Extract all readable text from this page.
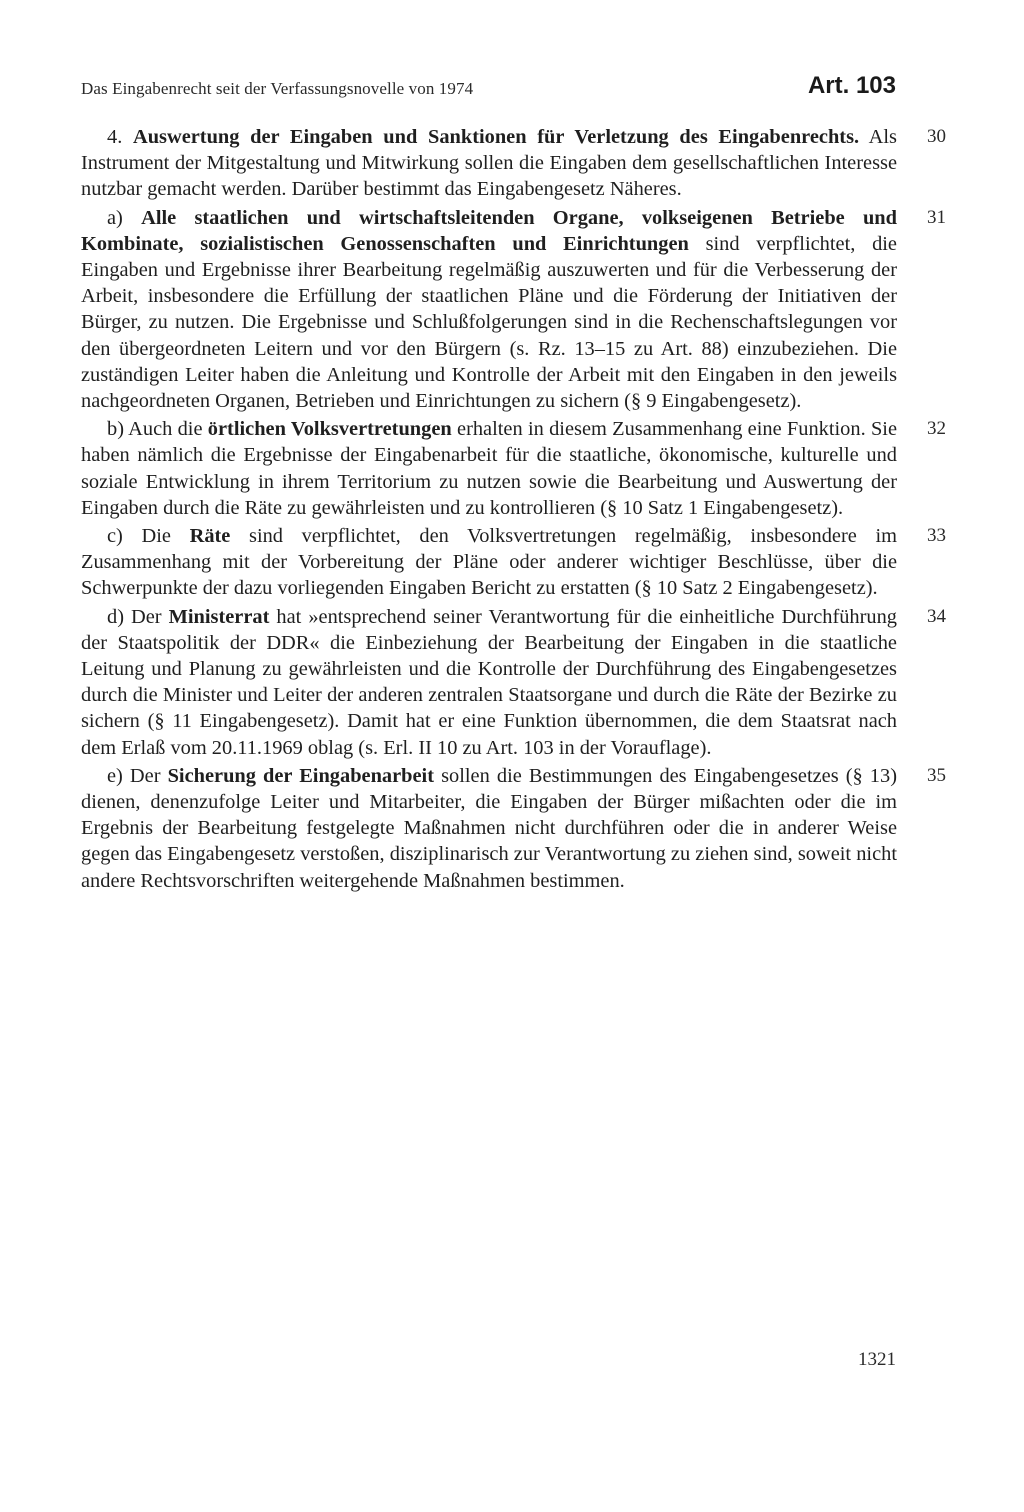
Das Eingabenrecht seit der Verfassungsnovelle von 1974	Art. 103

4. Auswertung der Eingaben und Sanktionen für Verletzung des Eingabenrechts. Als Instrument der Mitgestaltung und Mitwirkung sollen die Eingaben dem gesellschaftlichen Interesse nutzbar gemacht werden. Darüber bestimmt das Eingabengesetz Näheres.

30

a) Alle staatlichen und wirtschaftsleitenden Organe, volkseigenen Betriebe und Kombinate, sozialistischen Genossenschaften und Einrichtungen sind verpflichtet, die Eingaben und Ergebnisse ihrer Bearbeitung regelmäßig auszuwerten und für die Verbesserung der Arbeit, insbesondere die Erfüllung der staatlichen Pläne und die Förderung der Initiativen der Bürger, zu nutzen. Die Ergebnisse und Schlußfolgerungen sind in die Rechenschaftslegungen vor den übergeordneten Leitern und vor den Bürgern (s. Rz. 13–15 zu Art. 88) einzubeziehen. Die zuständigen Leiter haben die Anleitung und Kontrolle der Arbeit mit den Eingaben in den jeweils nachgeordneten Organen, Betrieben und Einrichtungen zu sichern (§ 9 Eingabengesetz).

31

b) Auch die örtlichen Volksvertretungen erhalten in diesem Zusammenhang eine Funktion. Sie haben nämlich die Ergebnisse der Eingabenarbeit für die staatliche, ökonomische, kulturelle und soziale Entwicklung in ihrem Territorium zu nutzen sowie die Bearbeitung und Auswertung der Eingaben durch die Räte zu gewährleisten und zu kontrollieren (§ 10 Satz 1 Eingabengesetz).

32

c) Die Räte sind verpflichtet, den Volksvertretungen regelmäßig, insbesondere im Zusammenhang mit der Vorbereitung der Pläne oder anderer wichtiger Beschlüsse, über die Schwerpunkte der dazu vorliegenden Eingaben Bericht zu erstatten (§ 10 Satz 2 Eingabengesetz).

33

d) Der Ministerrat hat »entsprechend seiner Verantwortung für die einheitliche Durchführung der Staatspolitik der DDR« die Einbeziehung der Bearbeitung der Eingaben in die staatliche Leitung und Planung zu gewährleisten und die Kontrolle der Durchführung des Eingabengesetzes durch die Minister und Leiter der anderen zentralen Staatsorgane und durch die Räte der Bezirke zu sichern (§ 11 Eingabengesetz). Damit hat er eine Funktion übernommen, die dem Staatsrat nach dem Erlaß vom 20.11.1969 oblag (s. Erl. II 10 zu Art. 103 in der Vorauflage).

34

e) Der Sicherung der Eingabenarbeit sollen die Bestimmungen des Eingabengesetzes (§ 13) dienen, denenzufolge Leiter und Mitarbeiter, die Eingaben der Bürger mißachten oder die im Ergebnis der Bearbeitung festgelegte Maßnahmen nicht durchführen oder die in anderer Weise gegen das Eingabengesetz verstoßen, disziplinarisch zur Verantwortung zu ziehen sind, soweit nicht andere Rechtsvorschriften weitergehende Maßnahmen bestimmen.

35
1321
